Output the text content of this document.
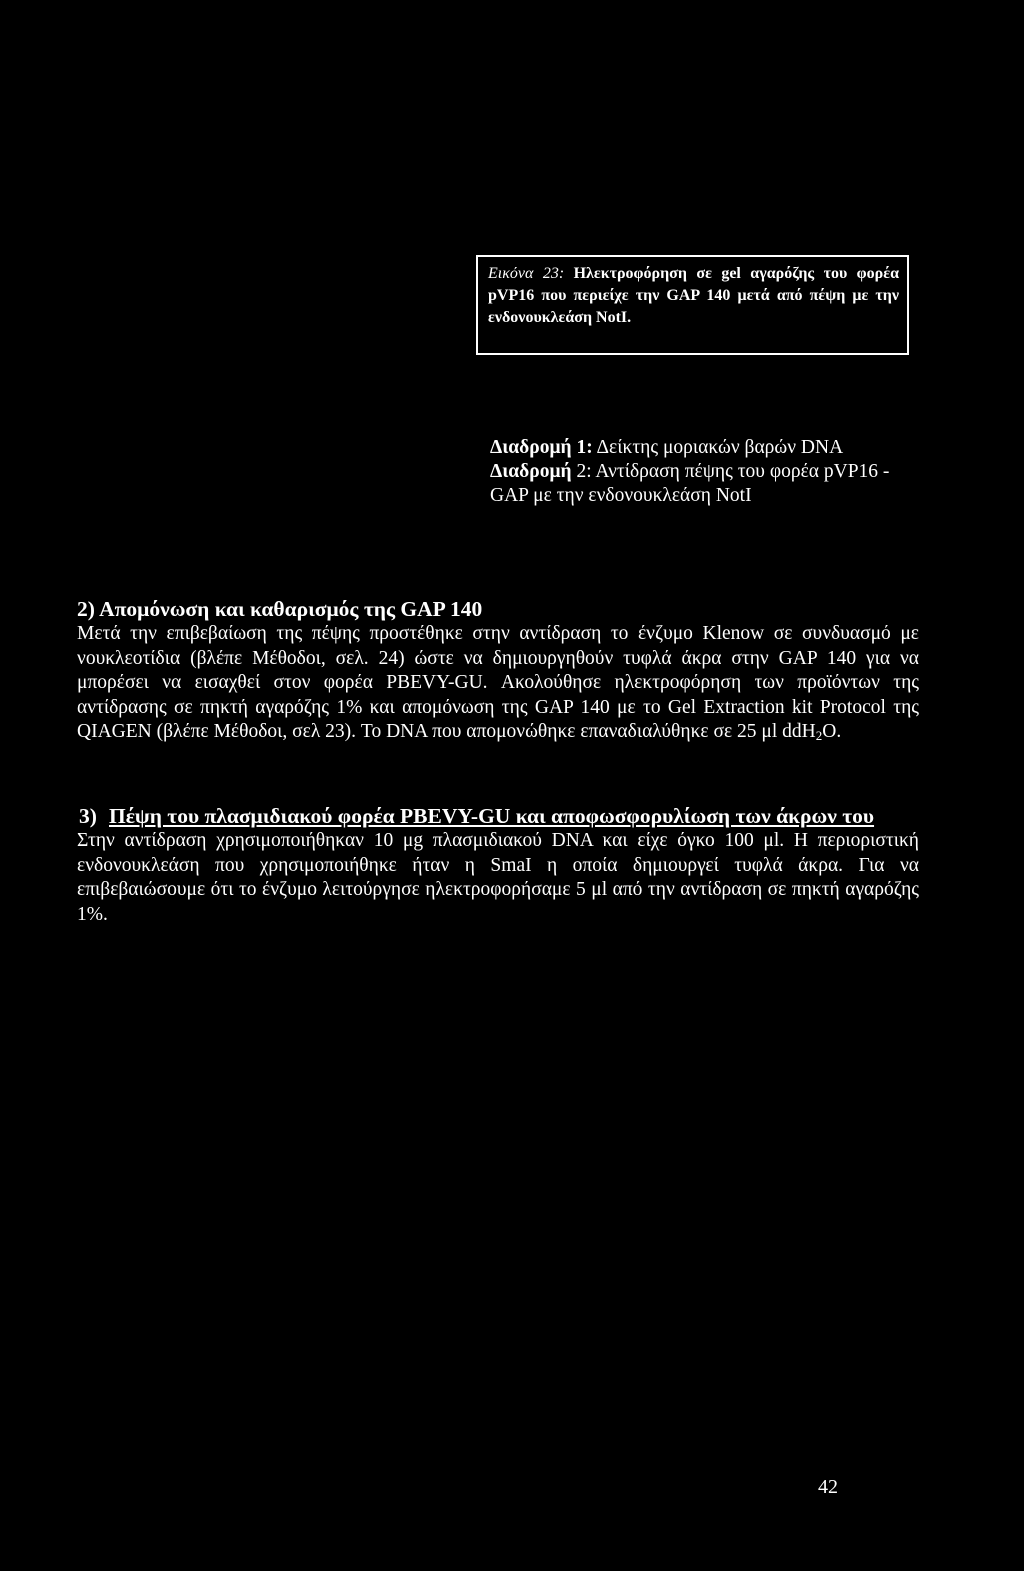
Εικόνα 23: Ηλεκτροφόρηση σε gel αγαρόζης του φορέα pVP16 που περιείχε την GAP 140 μετά από πέψη με την ενδονουκλεάση NotI.
Διαδρομή 1: Δείκτης μοριακών βαρών DNA
Διαδρομή 2: Αντίδραση πέψης του φορέα pVP16 - GAP με την ενδονουκλεάση NotI

2) Απομόνωση και καθαρισμός της GAP 140

Μετά την επιβεβαίωση της πέψης προστέθηκε στην αντίδραση το ένζυμο Klenow σε συνδυασμό με νουκλεοτίδια (βλέπε Μέθοδοι, σελ. 24) ώστε να δημιουργηθούν τυφλά άκρα στην GAP 140 για να μπορέσει να εισαχθεί στον φορέα PBEVY-GU. Ακολούθησε ηλεκτροφόρηση των προϊόντων της αντίδρασης σε πηκτή αγαρόζης 1% και απομόνωση της GAP 140 με το Gel Extraction kit Protocol της QIAGEN (βλέπε Μέθοδοι, σελ 23). Το DNA που απομονώθηκε επαναδιαλύθηκε σε 25 μl ddH$_2$O.

3) Πέψη του πλασμιδιακού φορέα PBEVY-GU και αποφωσφορυλίωση των άκρων του

Στην αντίδραση χρησιμοποιήθηκαν 10 μg πλασμιδιακού DNA και είχε όγκο 100 μl. Η περιοριστική ενδονουκλεάση που χρησιμοποιήθηκε ήταν η SmaI η οποία δημιουργεί τυφλά άκρα. Για να επιβεβαιώσουμε ότι το ένζυμο λειτούργησε ηλεκτροφορήσαμε 5 μl από την αντίδραση σε πηκτή αγαρόζης 1%.

42
